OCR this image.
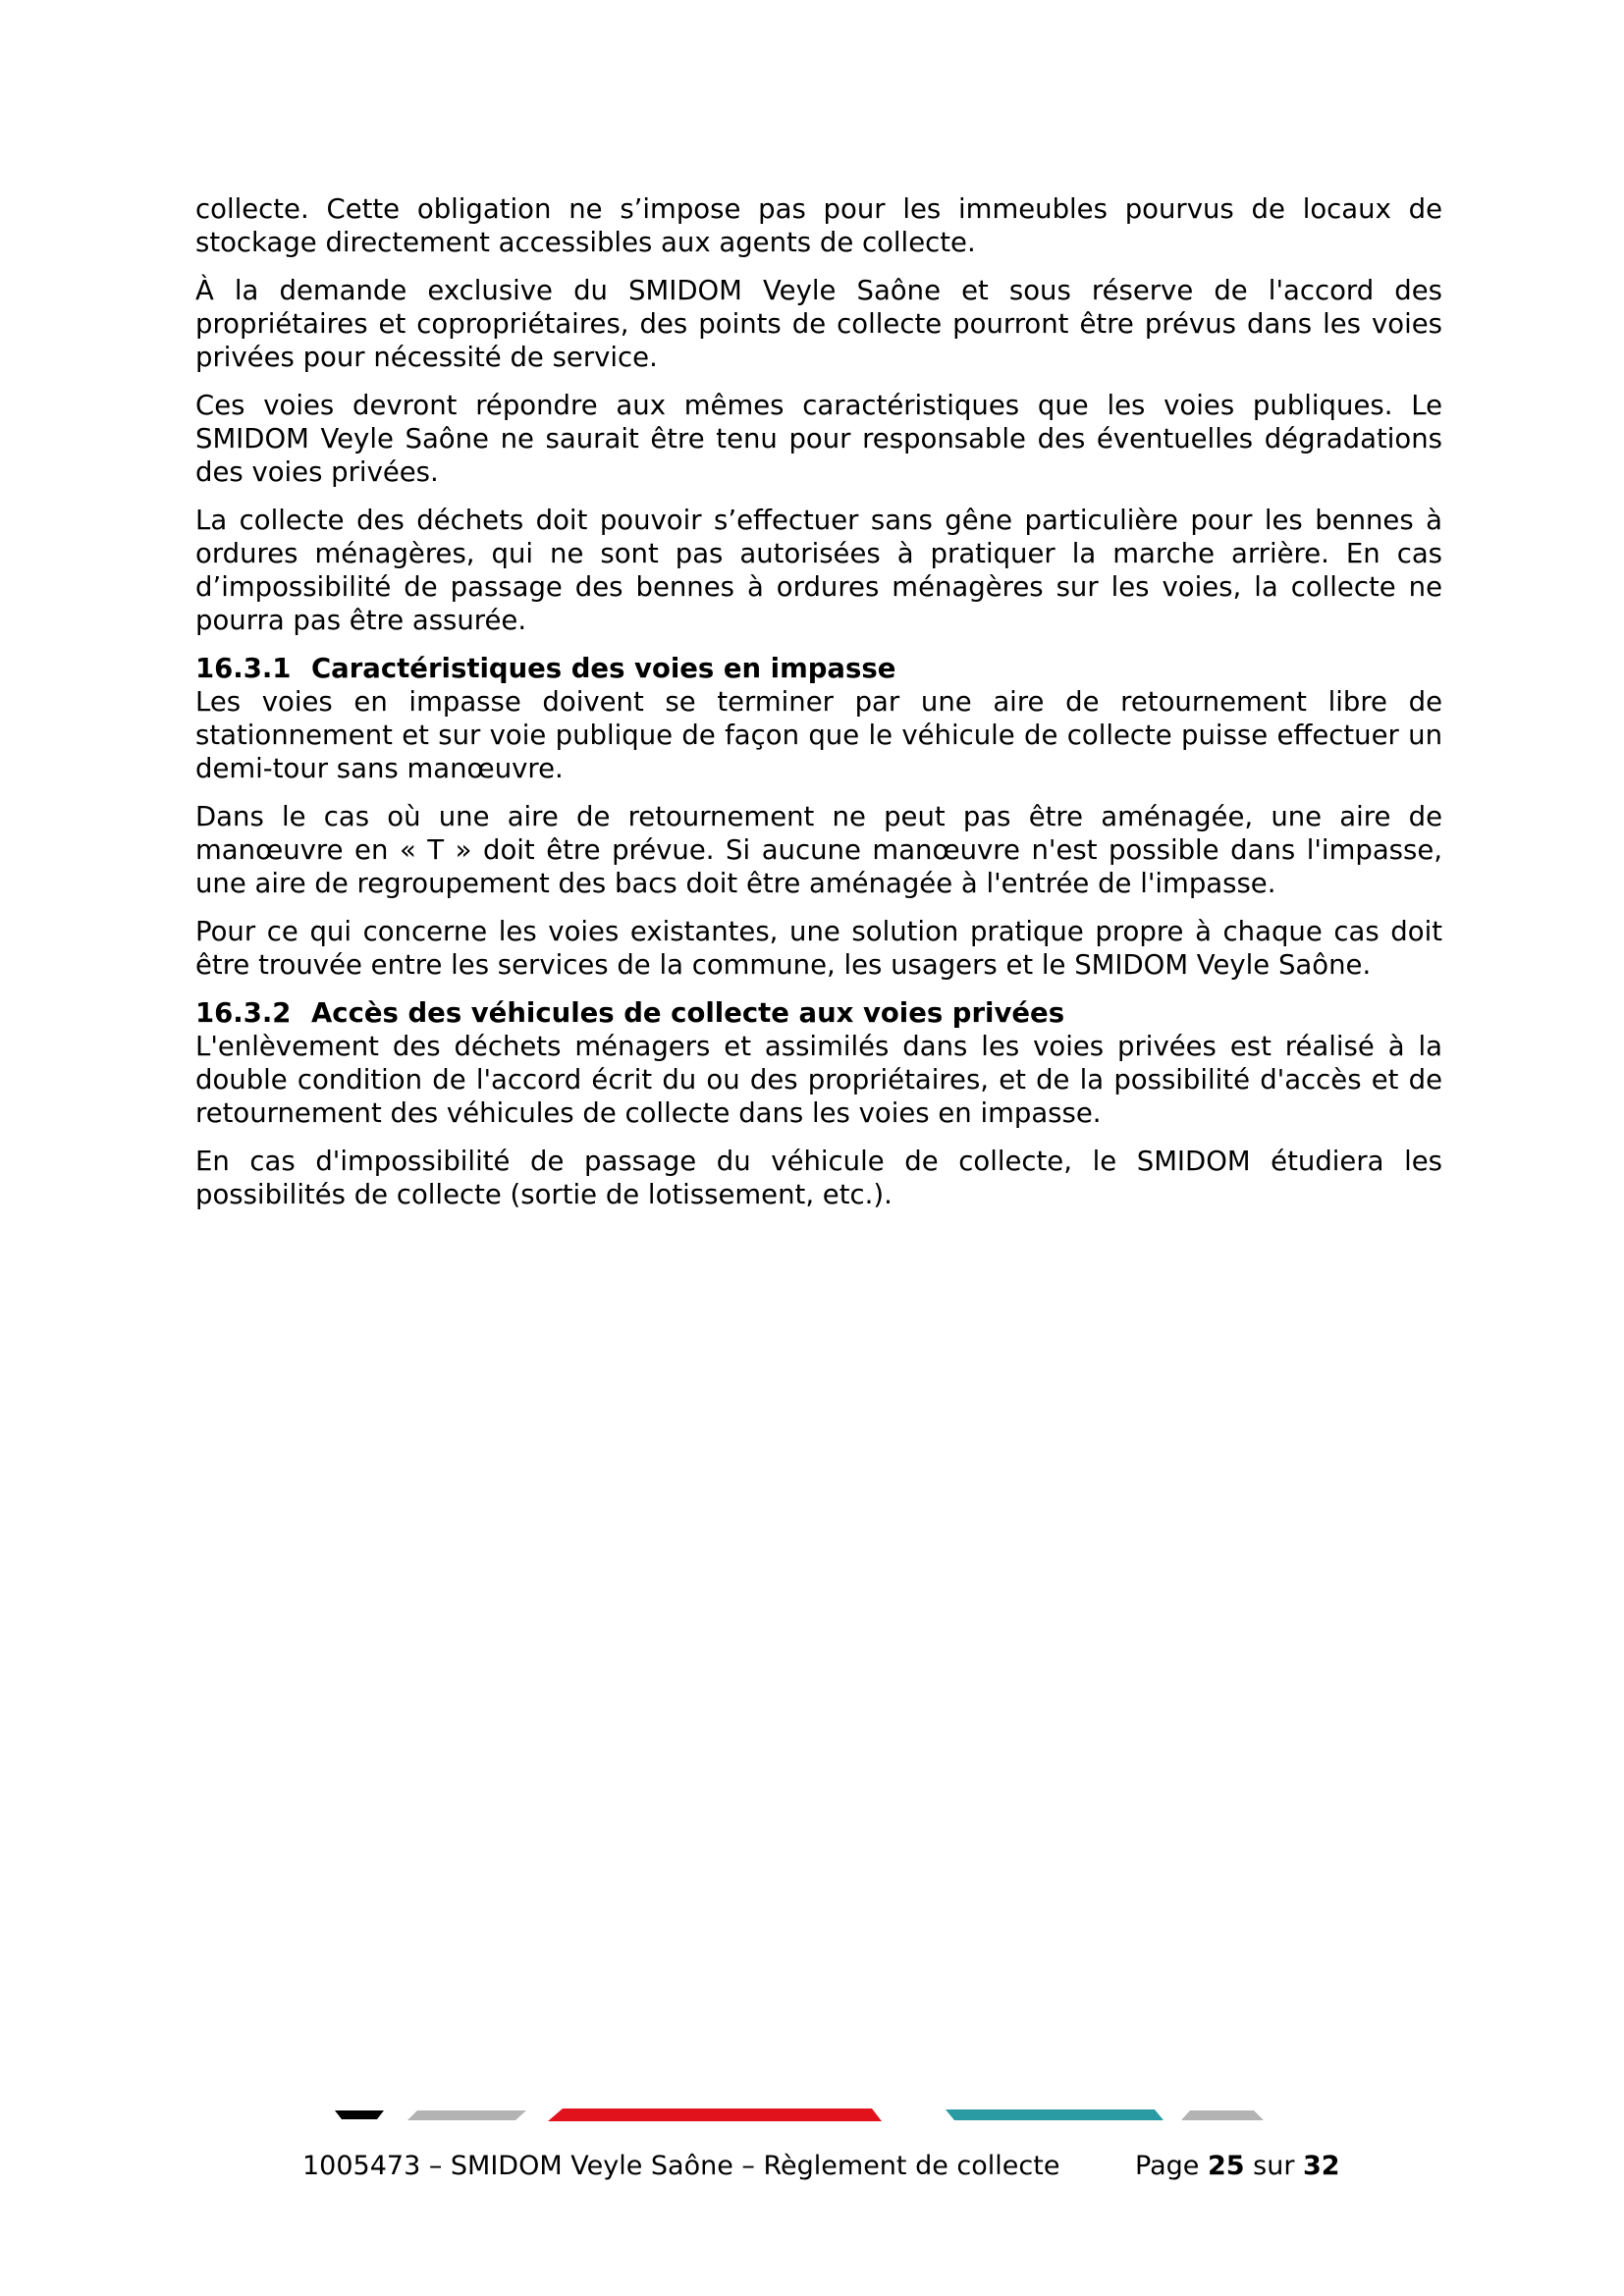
collecte. Cette obligation ne s’impose pas pour les immeubles pourvus de locaux de stockage directement accessibles aux agents de collecte.

À la demande exclusive du SMIDOM Veyle Saône et sous réserve de l'accord des propriétaires et copropriétaires, des points de collecte pourront être prévus dans les voies privées pour nécessité de service.

Ces voies devront répondre aux mêmes caractéristiques que les voies publiques. Le SMIDOM Veyle Saône ne saurait être tenu pour responsable des éventuelles dégradations des voies privées.

La collecte des déchets doit pouvoir s’effectuer sans gêne particulière pour les bennes à ordures ménagères, qui ne sont pas autorisées à pratiquer la marche arrière. En cas d’impossibilité de passage des bennes à ordures ménagères sur les voies, la collecte ne pourra pas être assurée.

16.3.1 Caractéristiques des voies en impasse

Les voies en impasse doivent se terminer par une aire de retournement libre de stationnement et sur voie publique de façon que le véhicule de collecte puisse effectuer un demi-tour sans manœuvre.

Dans le cas où une aire de retournement ne peut pas être aménagée, une aire de manœuvre en « T » doit être prévue. Si aucune manœuvre n'est possible dans l'impasse, une aire de regroupement des bacs doit être aménagée à l'entrée de l'impasse.

Pour ce qui concerne les voies existantes, une solution pratique propre à chaque cas doit être trouvée entre les services de la commune, les usagers et le SMIDOM Veyle Saône.

16.3.2 Accès des véhicules de collecte aux voies privées

L'enlèvement des déchets ménagers et assimilés dans les voies privées est réalisé à la double condition de l'accord écrit du ou des propriétaires, et de la possibilité d'accès et de retournement des véhicules de collecte dans les voies en impasse.

En cas d'impossibilité de passage du véhicule de collecte, le SMIDOM étudiera les possibilités de collecte (sortie de lotissement, etc.).

1005473 – SMIDOM Veyle Saône – Règlement de collecte	Page 25 sur 32
